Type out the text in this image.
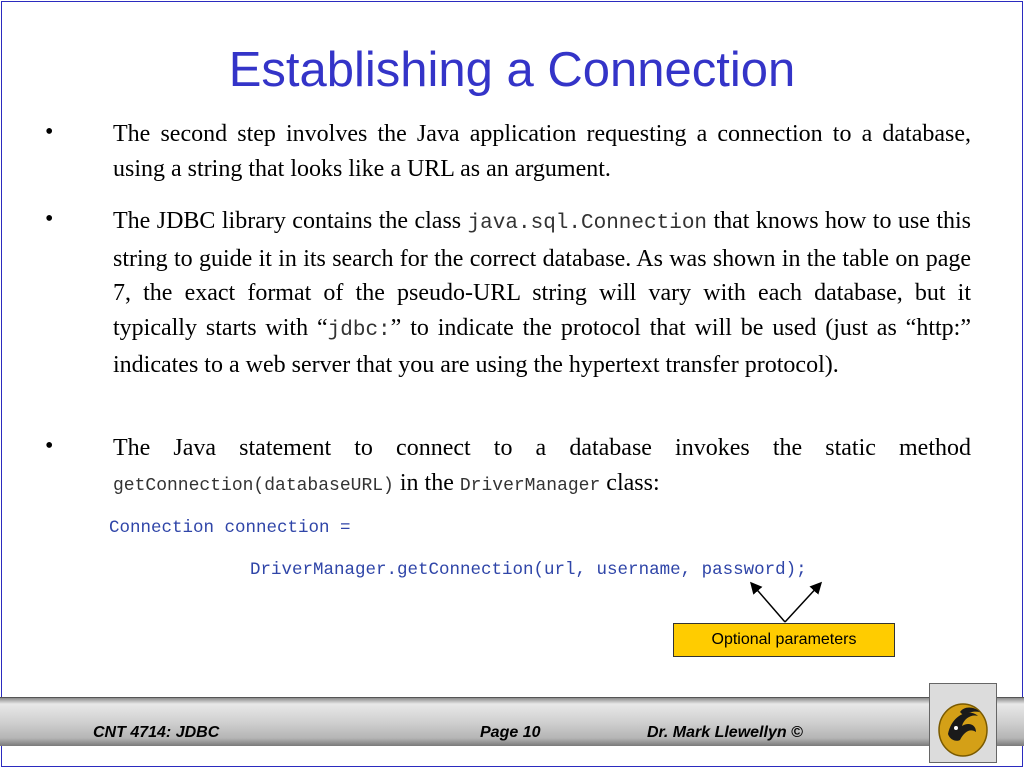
Establishing a Connection
• The second step involves the Java application requesting a connection to a database, using a string that looks like a URL as an argument.
• The JDBC library contains the class java.sql.Connection that knows how to use this string to guide it in its search for the correct database. As was shown in the table on page 7, the exact format of the pseudo-URL string will vary with each database, but it typically starts with “jdbc:” to indicate the protocol that will be used (just as “http:” indicates to a web server that you are using the hypertext transfer protocol).
• The Java statement to connect to a database invokes the static method getConnection(databaseURL) in the DriverManager class:
Connection connection =
DriverManager.getConnection(url, username, password);
Optional parameters
CNT 4714: JDBC	Page 10	Dr. Mark Llewellyn ©
